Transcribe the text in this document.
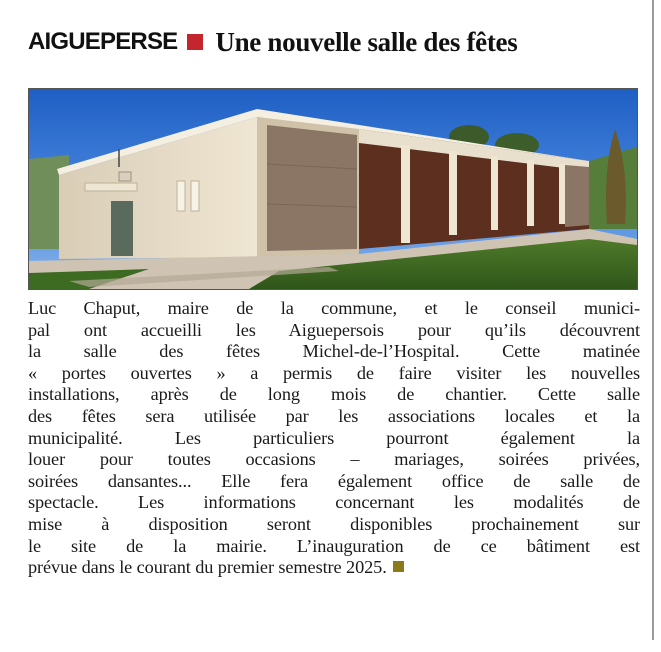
AIGUEPERSE Une nouvelle salle des fêtes
Luc Chaput, maire de la commune, et le conseil munici-
pal ont accueilli les Aiguepersois pour qu’ils découvrent
la salle des fêtes Michel-de-l’Hospital. Cette matinée
« portes ouvertes » a permis de faire visiter les nouvelles
installations, après de long mois de chantier. Cette salle
des fêtes sera utilisée par les associations locales et la
municipalité. Les particuliers pourront également la
louer pour toutes occasions – mariages, soirées privées,
soirées dansantes... Elle fera également office de salle de
spectacle. Les informations concernant les modalités de
mise à disposition seront disponibles prochainement sur
le site de la mairie. L’inauguration de ce bâtiment est
prévue dans le courant du premier semestre 2025.
